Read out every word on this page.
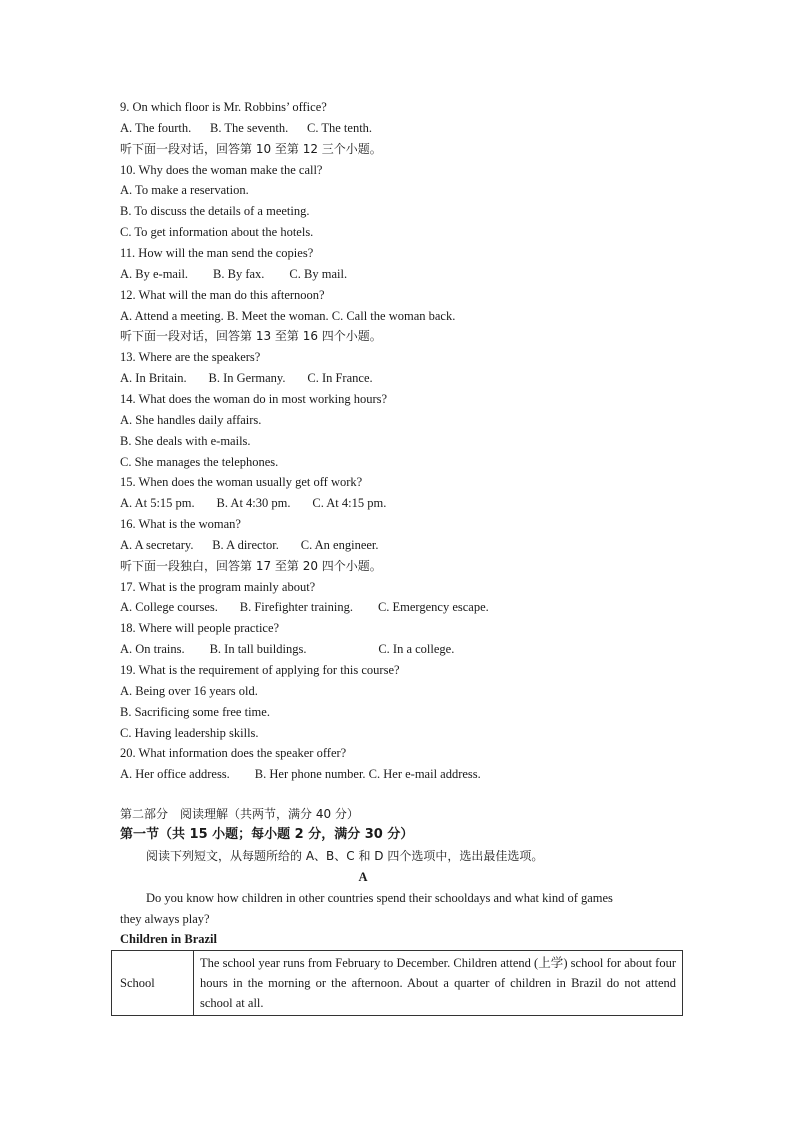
9. On which floor is Mr. Robbins’ office?
A. The fourth.      B. The seventh.      C. The tenth.
听下面一段对话，回答第 10 至第 12 三个小题。
10. Why does the woman make the call?
A. To make a reservation.
B. To discuss the details of a meeting.
C. To get information about the hotels.
11. How will the man send the copies?
A. By e-mail.        B. By fax.        C. By mail.
12. What will the man do this afternoon?
A. Attend a meeting. B. Meet the woman. C. Call the woman back.
听下面一段对话，回答第 13 至第 16 四个小题。
13. Where are the speakers?
A. In Britain.       B. In Germany.       C. In France.
14. What does the woman do in most working hours?
A. She handles daily affairs.
B. She deals with e-mails.
C. She manages the telephones.
15. When does the woman usually get off work?
A. At 5:15 pm.       B. At 4:30 pm.       C. At 4:15 pm.
16. What is the woman?
A. A secretary.      B. A director.       C. An engineer.
听下面一段独白，回答第 17 至第 20 四个小题。
17. What is the program mainly about?
A. College courses.       B. Firefighter training.        C. Emergency escape.
18. Where will people practice?
A. On trains.        B. In tall buildings.                       C. In a college.
19. What is the requirement of applying for this course?
A. Being over 16 years old.
B. Sacrificing some free time.
C. Having leadership skills.
20. What information does the speaker offer?
A. Her office address.        B. Her phone number. C. Her e-mail address.
第二部分　阅读理解（共两节，满分 40 分）
第一节（共 15 小题；每小题 2 分，满分 30 分）
阅读下列短文，从每题所给的 A、B、C 和 D 四个选项中，选出最佳选项。
A
Do you know how children in other countries spend their schooldays and what kind of games
they always play?
Children in Brazil
School	The school year runs from February to December. Children attend (上学) school for about four hours in the morning or the afternoon. About a quarter of children in Brazil do not attend school at all.
